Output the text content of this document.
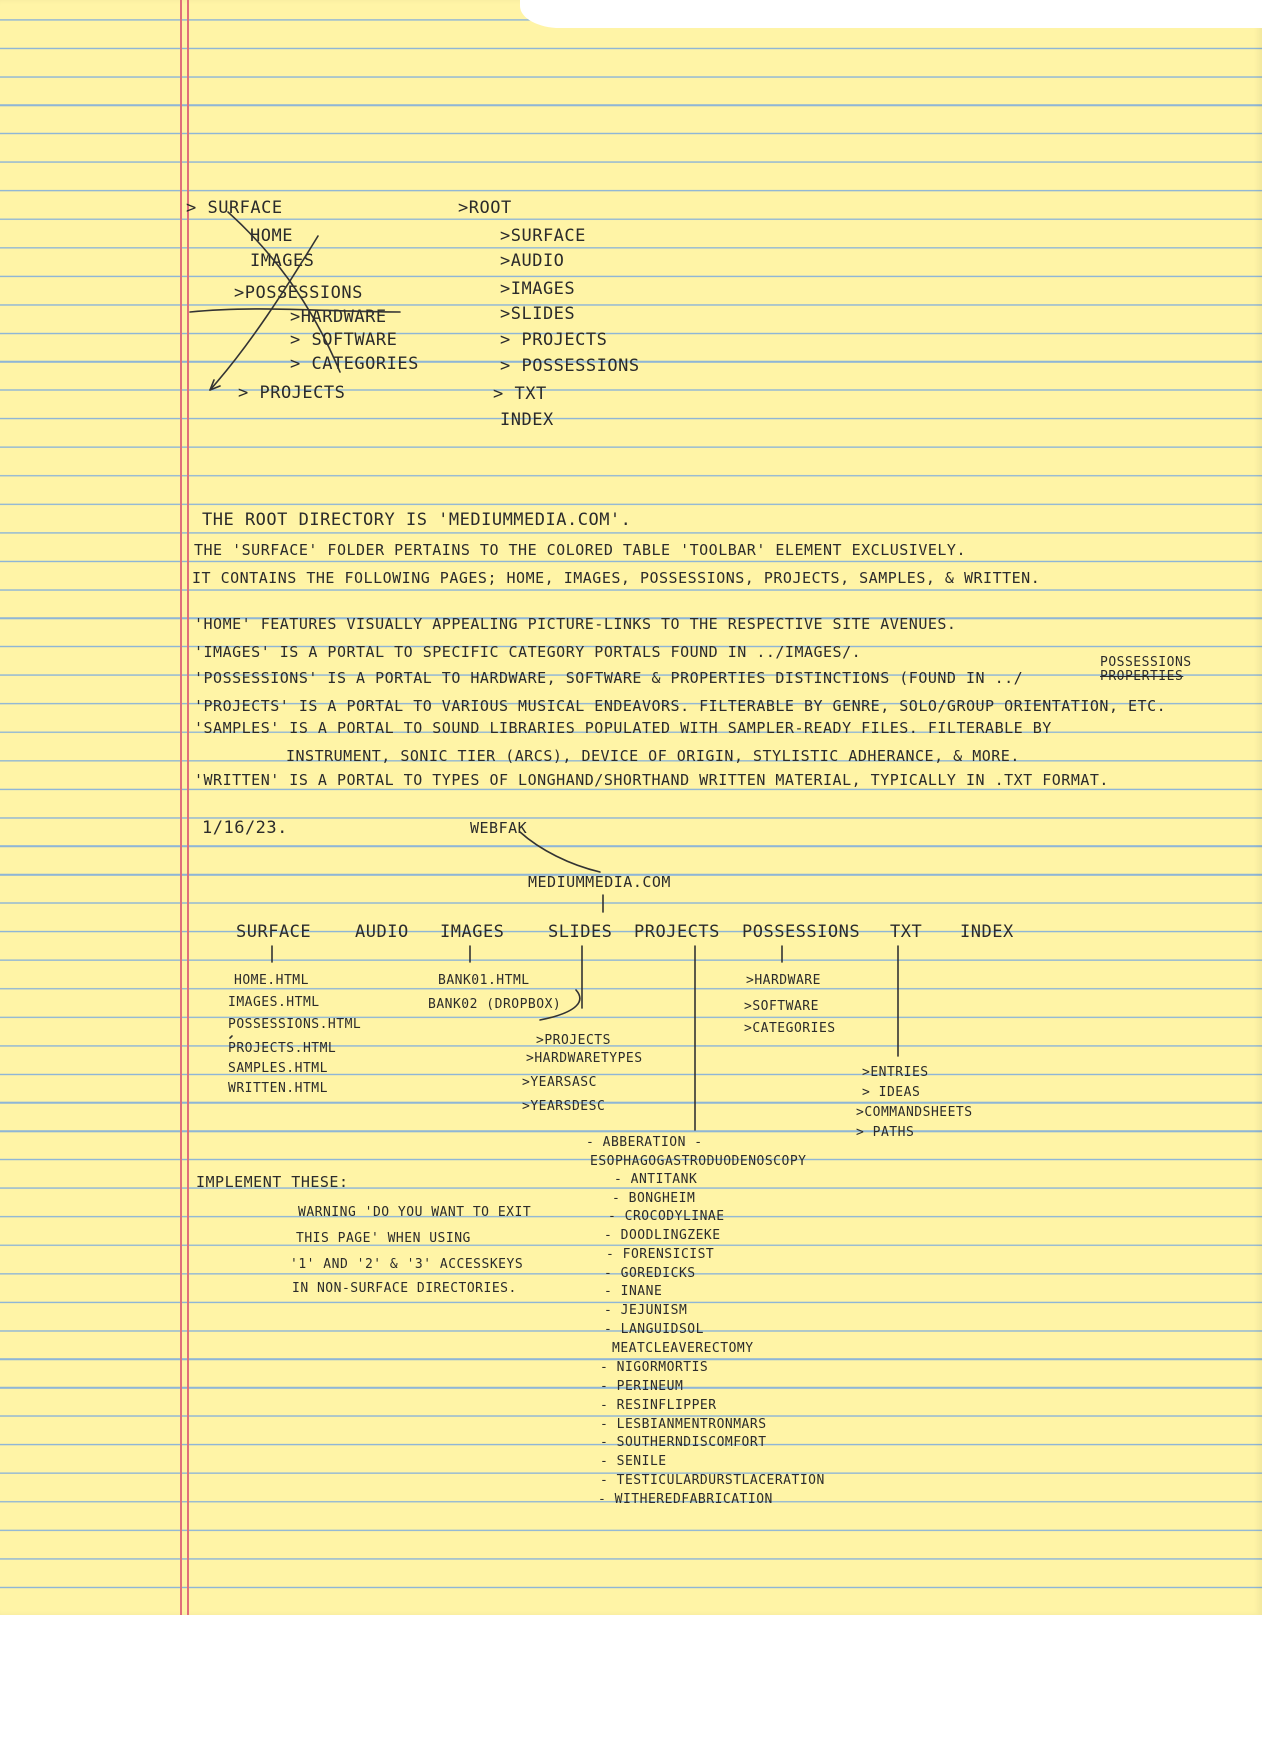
> SURFACE
HOME
IMAGES
>POSSESSIONS
>HARDWARE
> SOFTWARE
> CATEGORIES
> PROJECTS
>ROOT
>SURFACE
>AUDIO
>IMAGES
>SLIDES
> PROJECTS
> POSSESSIONS
> TXT
INDEX
THE ROOT DIRECTORY IS 'MEDIUMMEDIA.COM'.
THE 'SURFACE' FOLDER PERTAINS TO THE COLORED TABLE 'TOOLBAR' ELEMENT EXCLUSIVELY.
IT CONTAINS THE FOLLOWING PAGES; HOME, IMAGES, POSSESSIONS, PROJECTS, SAMPLES, & WRITTEN.
'HOME' FEATURES VISUALLY APPEALING PICTURE-LINKS TO THE RESPECTIVE SITE AVENUES.
'IMAGES' IS A PORTAL TO SPECIFIC CATEGORY PORTALS FOUND IN ../IMAGES/.
'POSSESSIONS' IS A PORTAL TO HARDWARE, SOFTWARE & PROPERTIES DISTINCTIONS (FOUND IN ../
'PROJECTS' IS A PORTAL TO VARIOUS MUSICAL ENDEAVORS. FILTERABLE BY GENRE, SOLO/GROUP ORIENTATION, ETC.
'SAMPLES' IS A PORTAL TO SOUND LIBRARIES POPULATED WITH SAMPLER-READY FILES. FILTERABLE BY
INSTRUMENT, SONIC TIER (ARCS), DEVICE OF ORIGIN, STYLISTIC ADHERANCE, & MORE.
'WRITTEN' IS A PORTAL TO TYPES OF LONGHAND/SHORTHAND WRITTEN MATERIAL, TYPICALLY IN .TXT FORMAT.
POSSESSIONS
PROPERTIES
1/16/23.	WEBFAK
MEDIUMMEDIA.COM
SURFACE	AUDIO IMAGES	SLIDES PROJECTS POSSESSIONS TXT INDEX
HOME.HTML
IMAGES.HTML
POSSESSIONS.HTML
PROJECTS.HTML
SAMPLES.HTML
WRITTEN.HTML
BANK01.HTML
BANK02 (DROPBOX)
>PROJECTS
>HARDWARETYPES
>YEARSASC
>YEARSDESC
>HARDWARE
>SOFTWARE
>CATEGORIES
>ENTRIES
> IDEAS
>COMMANDSHEETS
> PATHS
- ABBERATION -
ESOPHAGOGASTRODUODENOSCOPY
- ANTITANK
- BONGHEIM
- CROCODYLINAE
- DOODLINGZEKE
- FORENSICIST
- GOREDICKS
- INANE
- JEJUNISM
- LANGUIDSOL
MEATCLEAVERECTOMY
- NIGORMORTIS
- PERINEUM
- RESINFLIPPER
- LESBIANMENTRONMARS
- SOUTHERNDISCOMFORT
- SENILE
- TESTICULARDURSTLACERATION
- WITHEREDFABRICATION
IMPLEMENT THESE:
WARNING 'DO YOU WANT TO EXIT
THIS PAGE' WHEN USING
'1' AND '2' & '3' ACCESSKEYS
IN NON-SURFACE DIRECTORIES.
